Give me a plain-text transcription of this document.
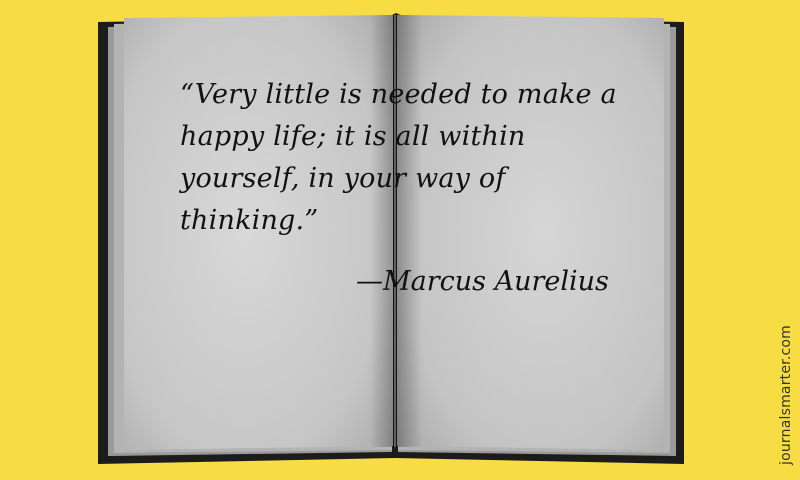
“Very little is needed to make a happy life; it is all within yourself, in your way of thinking.”

—Marcus Aurelius

journalsmarter.com
